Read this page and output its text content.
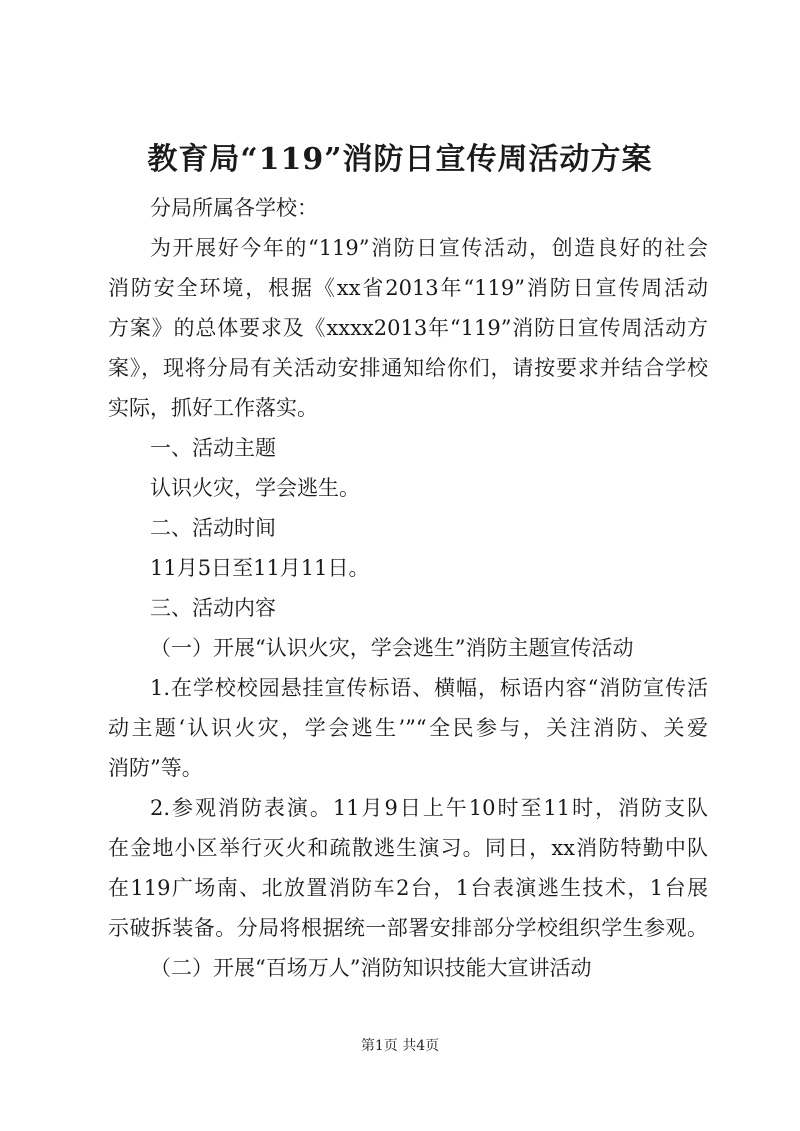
教育局“119”消防日宣传周活动方案
分局所属各学校：
为开展好今年的“119”消防日宣传活动，创造良好的社会
消防安全环境，根据《xx省2013年“119”消防日宣传周活动
方案》的总体要求及《xxxx2013年“119”消防日宣传周活动方
案》，现将分局有关活动安排通知给你们，请按要求并结合学校
实际，抓好工作落实。
一、活动主题
认识火灾，学会逃生。
二、活动时间
11月5日至11月11日。
三、活动内容
（一）开展“认识火灾，学会逃生”消防主题宣传活动
1.在学校校园悬挂宣传标语、横幅，标语内容“消防宣传活
动主题‘认识火灾，学会逃生’”“全民参与，关注消防、关爱
消防”等。
2.参观消防表演。11月9日上午10时至11时，消防支队
在金地小区举行灭火和疏散逃生演习。同日，xx消防特勤中队
在119广场南、北放置消防车2台，1台表演逃生技术，1台展
示破拆装备。分局将根据统一部署安排部分学校组织学生参观。
（二）开展“百场万人”消防知识技能大宣讲活动
第1页 共4页
